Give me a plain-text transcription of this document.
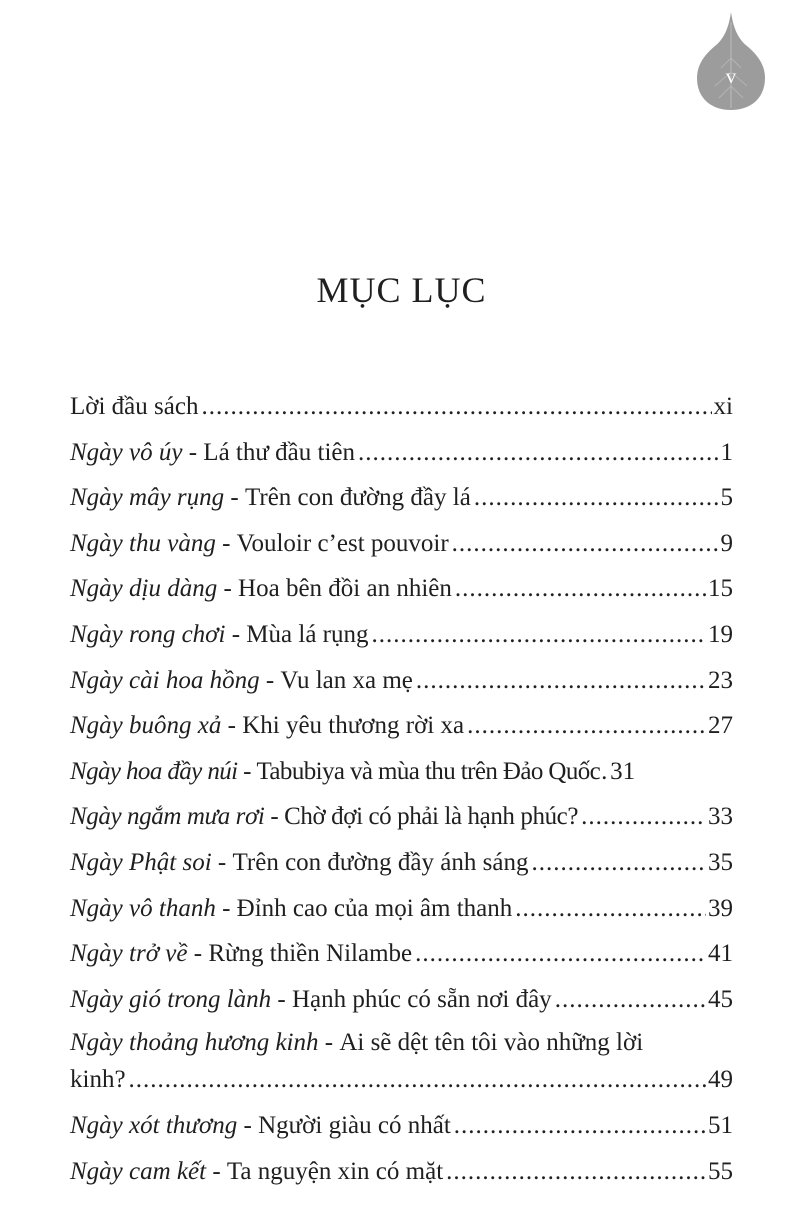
v
MỤC LỤC
Lời đầu sách .....	xi
Ngày vô úy - Lá thư đầu tiên .....	1
Ngày mây rụng - Trên con đường đầy lá .....	5
Ngày thu vàng - Vouloir c’est pouvoir .....	9
Ngày dịu dàng - Hoa bên đồi an nhiên .....	15
Ngày rong chơi - Mùa lá rụng .....	19
Ngày cài hoa hồng - Vu lan xa mẹ .....	23
Ngày buông xả - Khi yêu thương rời xa .....	27
Ngày hoa đầy núi - Tabubiya và mùa thu trên Đảo Quốc ..... 31
Ngày ngắm mưa rơi - Chờ đợi có phải là hạnh phúc? .....	33
Ngày Phật soi - Trên con đường đầy ánh sáng .....	35
Ngày vô thanh - Đỉnh cao của mọi âm thanh .....	39
Ngày trở về - Rừng thiền Nilambe .....	41
Ngày gió trong lành - Hạnh phúc có sẵn nơi đây .....	45
Ngày thoảng hương kinh - Ai sẽ dệt tên tôi vào những lời
kinh? .....	49
Ngày xót thương - Người giàu có nhất .....	51
Ngày cam kết - Ta nguyện xin có mặt .....	55
